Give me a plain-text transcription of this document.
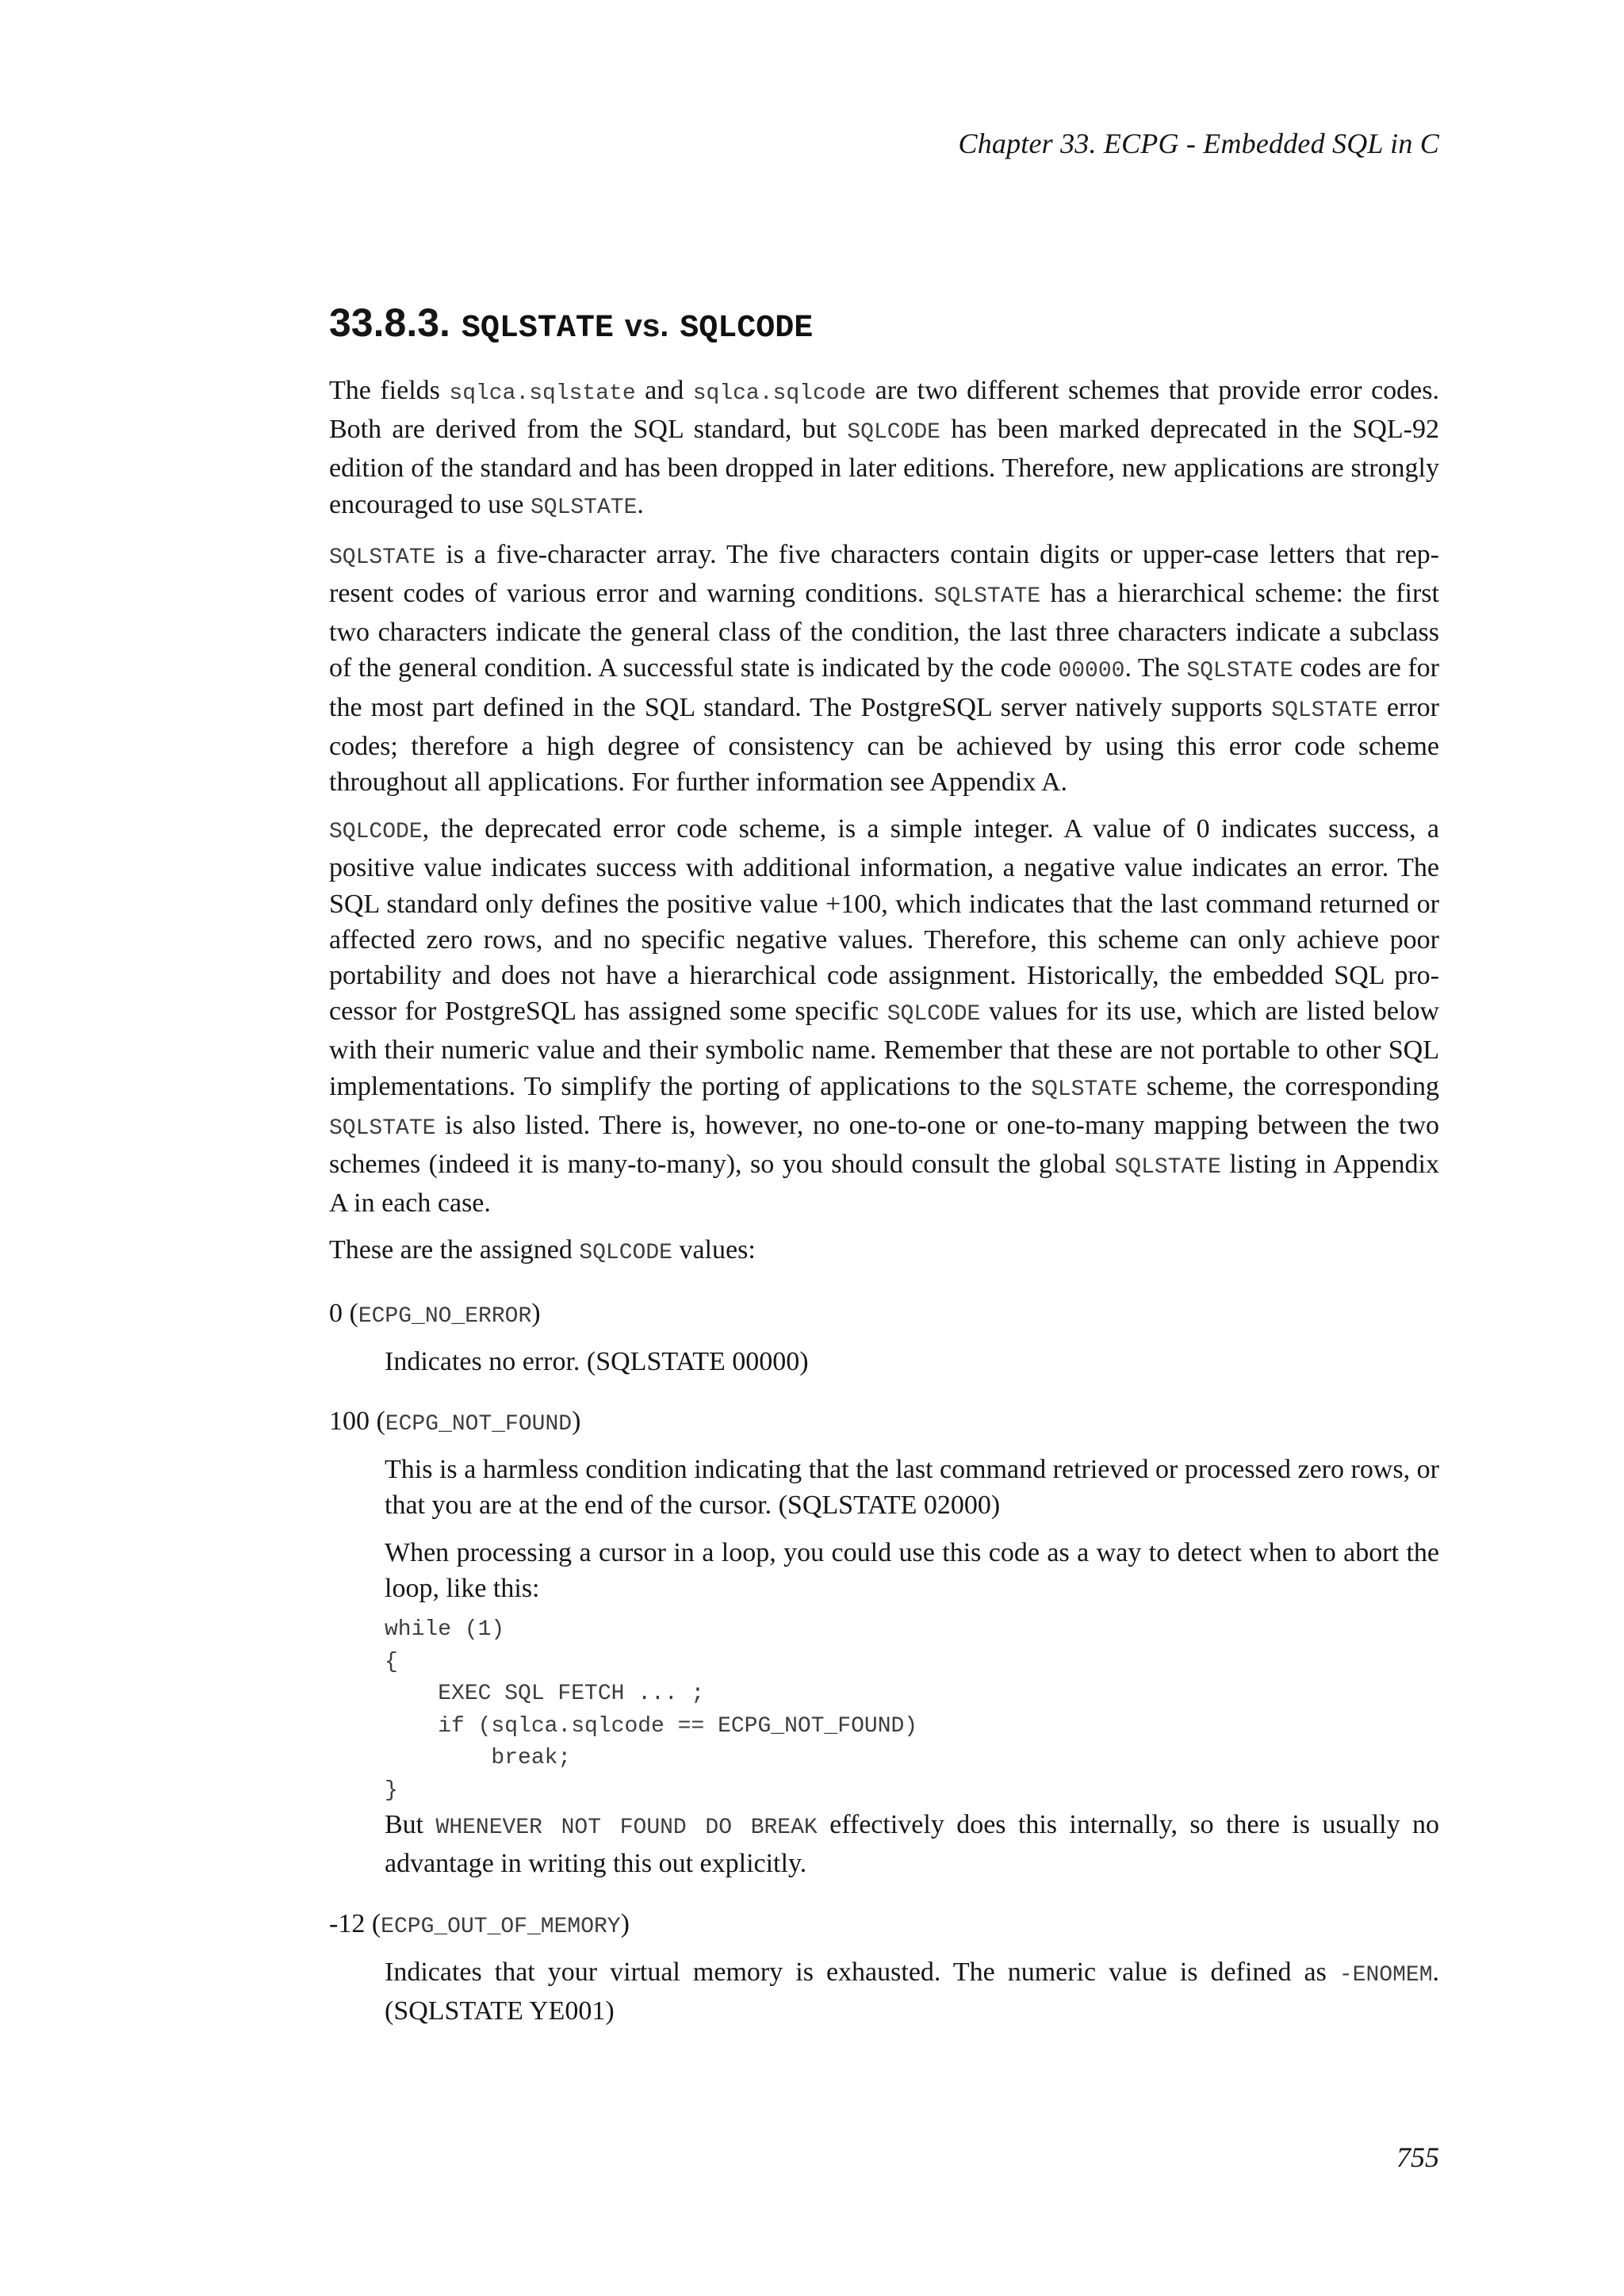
Chapter 33. ECPG - Embedded SQL in C
33.8.3. SQLSTATE vs. SQLCODE

The fields sqlca.sqlstate and sqlca.sqlcode are two different schemes that provide error codes. Both are derived from the SQL standard, but SQLCODE has been marked deprecated in the SQL-92 edition of the standard and has been dropped in later editions. Therefore, new applications are strongly encouraged to use SQLSTATE.

SQLSTATE is a five-character array. The five characters contain digits or upper-case letters that represent codes of various error and warning conditions. SQLSTATE has a hierarchical scheme: the first two characters indicate the general class of the condition, the last three characters indicate a subclass of the general condition. A successful state is indicated by the code 00000. The SQLSTATE codes are for the most part defined in the SQL standard. The PostgreSQL server natively supports SQLSTATE error codes; therefore a high degree of consistency can be achieved by using this error code scheme throughout all applications. For further information see Appendix A.

SQLCODE, the deprecated error code scheme, is a simple integer. A value of 0 indicates success, a positive value indicates success with additional information, a negative value indicates an error. The SQL standard only defines the positive value +100, which indicates that the last command returned or affected zero rows, and no specific negative values. Therefore, this scheme can only achieve poor portability and does not have a hierarchical code assignment. Historically, the embedded SQL processor for PostgreSQL has assigned some specific SQLCODE values for its use, which are listed below with their numeric value and their symbolic name. Remember that these are not portable to other SQL implementations. To simplify the porting of applications to the SQLSTATE scheme, the corresponding SQLSTATE is also listed. There is, however, no one-to-one or one-to-many mapping between the two schemes (indeed it is many-to-many), so you should consult the global SQLSTATE listing in Appendix A in each case.

These are the assigned SQLCODE values:

0 (ECPG_NO_ERROR)

Indicates no error. (SQLSTATE 00000)

100 (ECPG_NOT_FOUND)

This is a harmless condition indicating that the last command retrieved or processed zero rows, or that you are at the end of the cursor. (SQLSTATE 02000)

When processing a cursor in a loop, you could use this code as a way to detect when to abort the loop, like this:

while (1)
{
EXEC SQL FETCH ... ;
if (sqlca.sqlcode == ECPG_NOT_FOUND)
break;
}

But WHENEVER NOT FOUND DO BREAK effectively does this internally, so there is usually no advantage in writing this out explicitly.

-12 (ECPG_OUT_OF_MEMORY)

Indicates that your virtual memory is exhausted. The numeric value is defined as -ENOMEM. (SQLSTATE YE001)

755
